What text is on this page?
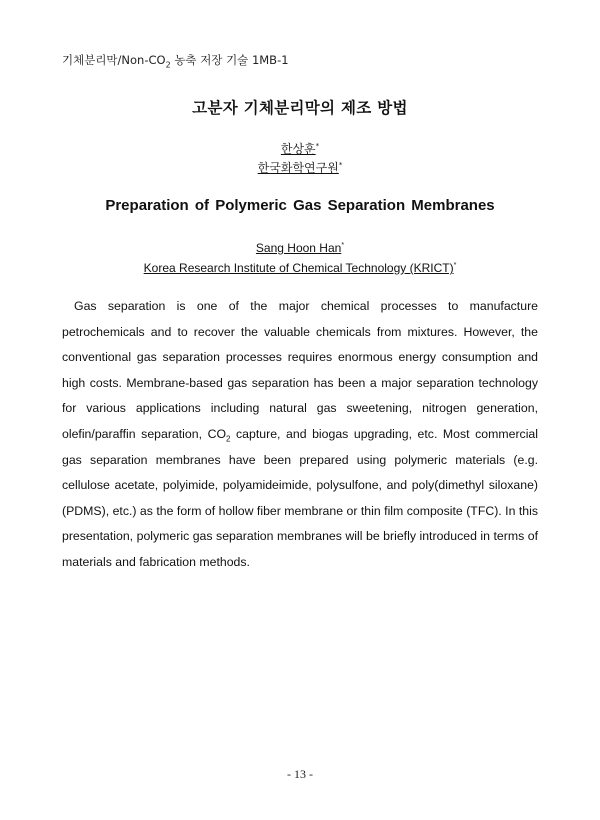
기체분리막$/Non-CO_2$ 농축 저장 기술 1MB-1
고분자 기체분리막의 제조 방법
한상훈*
한국화학연구원*
Preparation of Polymeric Gas Separation Membranes
Sang Hoon Han*
Korea Research Institute of Chemical Technology (KRICT)*

Gas separation is one of the major chemical processes to manufacture petrochemicals and to recover the valuable chemicals from mixtures. However, the conventional gas separation processes requires enormous energy consumption and high costs. Membrane-based gas separation has been a major separation technology for various applications including natural gas sweetening, nitrogen generation, olefin/paraffin separation, $CO_2$ capture, and biogas upgrading, etc. Most commercial gas separation membranes have been prepared using polymeric materials (e.g. cellulose acetate, polyimide, polyamideimide, polysulfone, and poly(dimethyl siloxane)(PDMS), etc.) as the form of hollow fiber membrane or thin film composite (TFC). In this presentation, polymeric gas separation membranes will be briefly introduced in terms of materials and fabrication methods.

- 13 -
